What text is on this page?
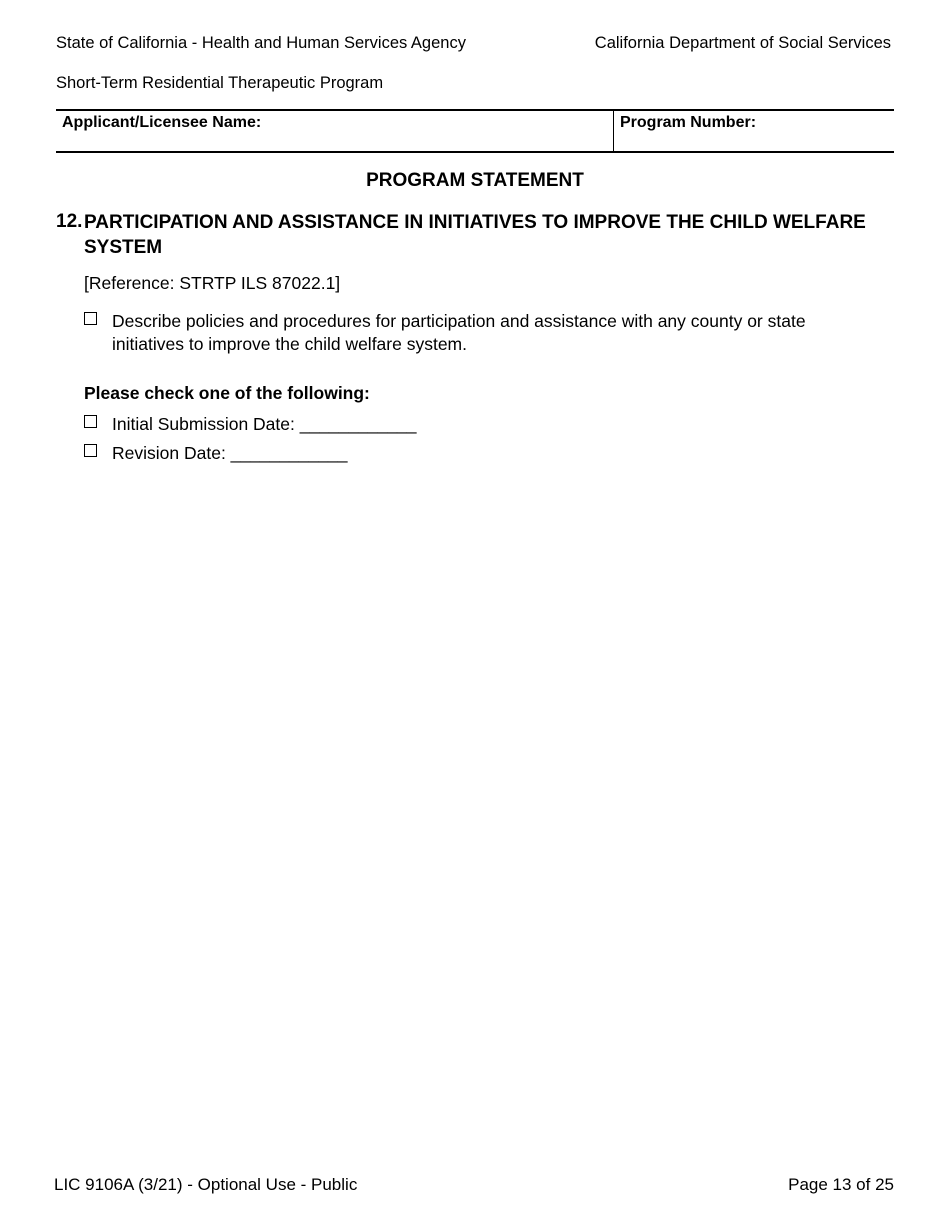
State of California - Health and Human Services Agency	California Department of Social Services
Short-Term Residential Therapeutic Program
Applicant/Licensee Name:	Program Number:
PROGRAM STATEMENT
12. PARTICIPATION AND ASSISTANCE IN INITIATIVES TO IMPROVE THE CHILD WELFARE SYSTEM
[Reference: STRTP ILS 87022.1]
Describe policies and procedures for participation and assistance with any county or state initiatives to improve the child welfare system.
Please check one of the following:
Initial Submission Date: ____________
Revision Date: ____________
LIC 9106A (3/21) - Optional Use - Public	Page 13 of 25
